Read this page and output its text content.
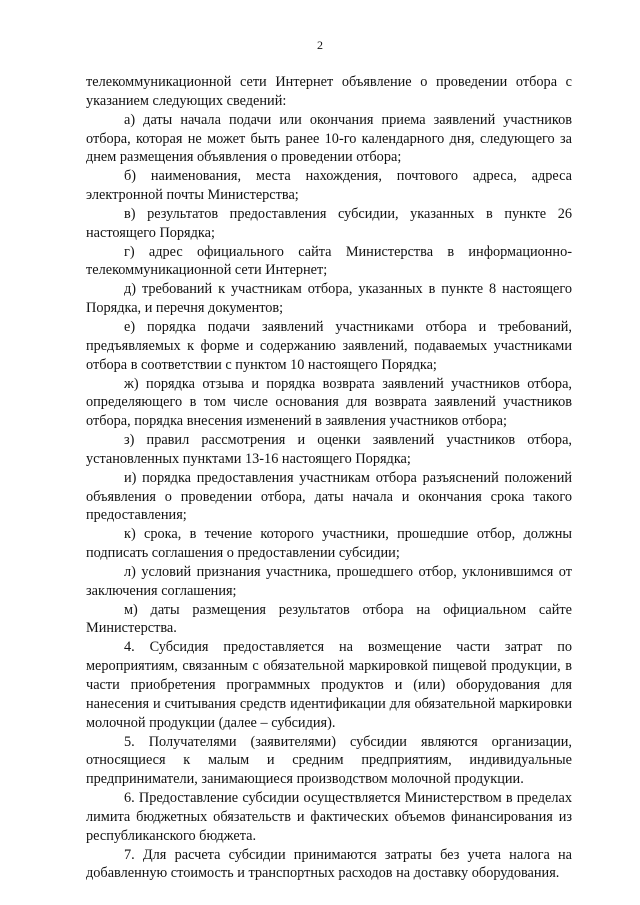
2

телекоммуникационной сети Интернет объявление о проведении отбора с указанием следующих сведений:

а) даты начала подачи или окончания приема заявлений участников отбора, которая не может быть ранее 10-го календарного дня, следующего за днем размещения объявления о проведении отбора;

б) наименования, места нахождения, почтового адреса, адреса электронной почты Министерства;

в) результатов предоставления субсидии, указанных в пункте 26 настоящего Порядка;

г) адрес официального сайта Министерства в информационно-телекоммуникационной сети Интернет;

д) требований к участникам отбора, указанных в пункте 8 настоящего Порядка, и перечня документов;

е) порядка подачи заявлений участниками отбора и требований, предъявляемых к форме и содержанию заявлений, подаваемых участниками отбора в соответствии с пунктом 10 настоящего Порядка;

ж) порядка отзыва и порядка возврата заявлений участников отбора, определяющего в том числе основания для возврата заявлений участников отбора, порядка внесения изменений в заявления участников отбора;

з) правил рассмотрения и оценки заявлений участников отбора, установленных пунктами 13-16 настоящего Порядка;

и) порядка предоставления участникам отбора разъяснений положений объявления о проведении отбора, даты начала и окончания срока такого предоставления;

к) срока, в течение которого участники, прошедшие отбор, должны подписать соглашения о предоставлении субсидии;

л) условий признания участника, прошедшего отбор, уклонившимся от заключения соглашения;

м) даты размещения результатов отбора на официальном сайте Министерства.

4. Субсидия предоставляется на возмещение части затрат по мероприятиям, связанным с обязательной маркировкой пищевой продукции, в части приобретения программных продуктов и (или) оборудования для нанесения и считывания средств идентификации для обязательной маркировки молочной продукции (далее – субсидия).

5. Получателями (заявителями) субсидии являются организации, относящиеся к малым и средним предприятиям, индивидуальные предприниматели, занимающиеся производством молочной продукции.

6. Предоставление субсидии осуществляется Министерством в пределах лимита бюджетных обязательств и фактических объемов финансирования из республиканского бюджета.

7. Для расчета субсидии принимаются затраты без учета налога на добавленную стоимость и транспортных расходов на доставку оборудования.
